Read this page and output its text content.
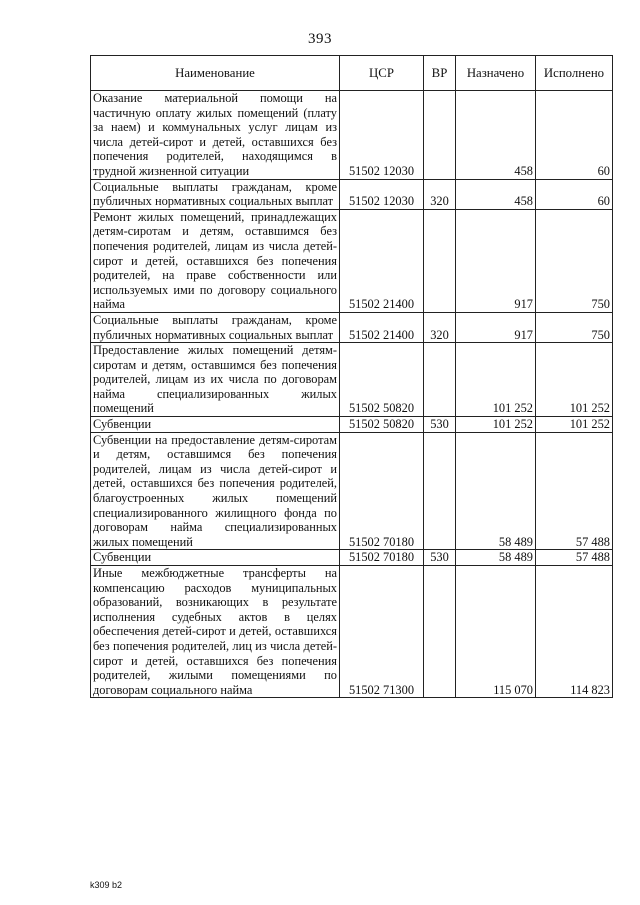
393
Наименование	ЦСР	ВР	Назначено	Исполнено
Оказание материальной помощи на частичную оплату жилых помещений (плату за наем) и коммунальных услуг лицам из числа детей-сирот и детей, оставшихся без попечения родителей, находящимся в трудной жизненной ситуации	51502 12030		458	60
Социальные выплаты гражданам, кроме публичных нормативных социальных выплат	51502 12030	320	458	60
Ремонт жилых помещений, принадлежащих детям-сиротам и детям, оставшимся без попечения родителей, лицам из числа детей-сирот и детей, оставшихся без попечения родителей, на праве собственности или используемых ими по договору социального найма	51502 21400		917	750
Социальные выплаты гражданам, кроме публичных нормативных социальных выплат	51502 21400	320	917	750
Предоставление жилых помещений детям-сиротам и детям, оставшимся без попечения родителей, лицам из их числа по договорам найма специализированных жилых помещений	51502 50820		101 252	101 252
Субвенции	51502 50820	530	101 252	101 252
Субвенции на предоставление детям-сиротам и детям, оставшимся без попечения родителей, лицам из числа детей-сирот и детей, оставшихся без попечения родителей, благоустроенных жилых помещений специализированного жилищного фонда по договорам найма специализированных жилых помещений	51502 70180		58 489	57 488
Субвенции	51502 70180	530	58 489	57 488
Иные межбюджетные трансферты на компенсацию расходов муниципальных образований, возникающих в результате исполнения судебных актов в целях обеспечения детей-сирот и детей, оставшихся без попечения родителей, лиц из числа детей-сирот и детей, оставшихся без попечения родителей, жилыми помещениями по договорам социального найма	51502 71300		115 070	114 823
k309 b2
